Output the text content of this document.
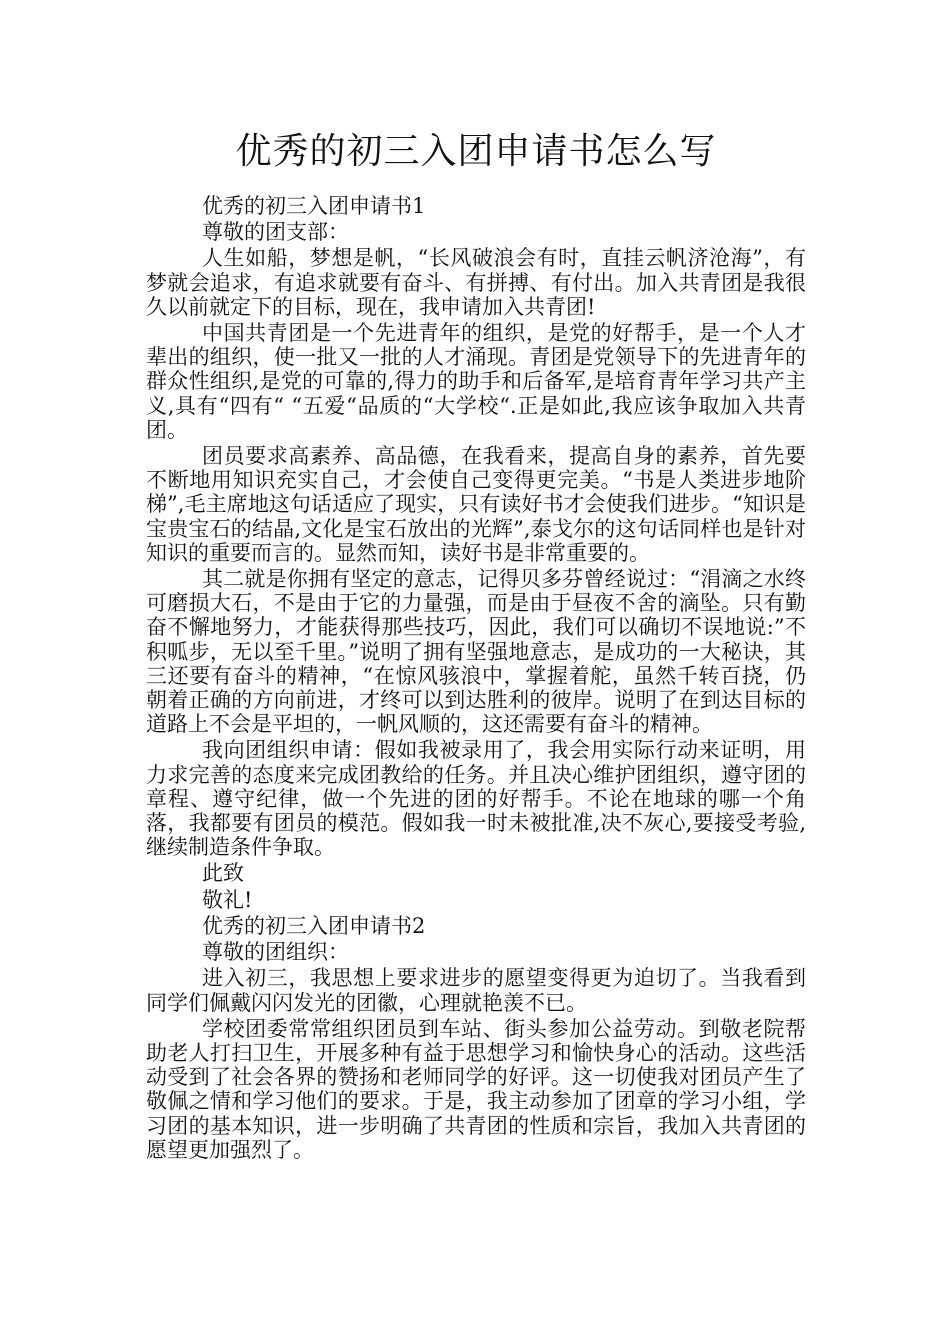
优秀的初三入团申请书怎么写

优秀的初三入团申请书1

尊敬的团支部：

人生如船，梦想是帆，“长风破浪会有时，直挂云帆济沧海”，有梦就会追求，有追求就要有奋斗、有拼搏、有付出。加入共青团是我很久以前就定下的目标，现在，我申请加入共青团!

中国共青团是一个先进青年的组织，是党的好帮手，是一个人才辈出的组织，使一批又一批的人才涌现。青团是党领导下的先进青年的群众性组织,是党的可靠的,得力的助手和后备军,是培育青年学习共产主义,具有“四有“ “五爱“品质的“大学校“.正是如此,我应该争取加入共青团。

团员要求高素养、高品德，在我看来，提高自身的素养，首先要不断地用知识充实自己，才会使自己变得更完美。“书是人类进步地阶梯”,毛主席地这句话适应了现实，只有读好书才会使我们进步。“知识是宝贵宝石的结晶,文化是宝石放出的光辉”,泰戈尔的这句话同样也是针对知识的重要而言的。显然而知，读好书是非常重要的。

其二就是你拥有坚定的意志，记得贝多芬曾经说过：“涓滴之水终可磨损大石，不是由于它的力量强，而是由于昼夜不舍的滴坠。只有勤奋不懈地努力，才能获得那些技巧，因此，我们可以确切不误地说:”不积呱步，无以至千里。”说明了拥有坚强地意志，是成功的一大秘诀，其三还要有奋斗的精神，“在惊风骇浪中，掌握着舵，虽然千转百挠，仍朝着正确的方向前进，才终可以到达胜利的彼岸。说明了在到达目标的道路上不会是平坦的，一帆风顺的，这还需要有奋斗的精神。

我向团组织申请：假如我被录用了，我会用实际行动来证明，用力求完善的态度来完成团教给的任务。并且决心维护团组织，遵守团的章程、遵守纪律，做一个先进的团的好帮手。不论在地球的哪一个角落，我都要有团员的模范。假如我一时未被批准,决不灰心,要接受考验,继续制造条件争取。

此致

敬礼!

优秀的初三入团申请书2

尊敬的团组织：

进入初三，我思想上要求进步的愿望变得更为迫切了。当我看到同学们佩戴闪闪发光的团徽，心理就艳羡不已。

学校团委常常组织团员到车站、街头参加公益劳动。到敬老院帮助老人打扫卫生，开展多种有益于思想学习和愉快身心的活动。这些活动受到了社会各界的赞扬和老师同学的好评。这一切使我对团员产生了敬佩之情和学习他们的要求。于是，我主动参加了团章的学习小组，学习团的基本知识，进一步明确了共青团的性质和宗旨，我加入共青团的愿望更加强烈了。
